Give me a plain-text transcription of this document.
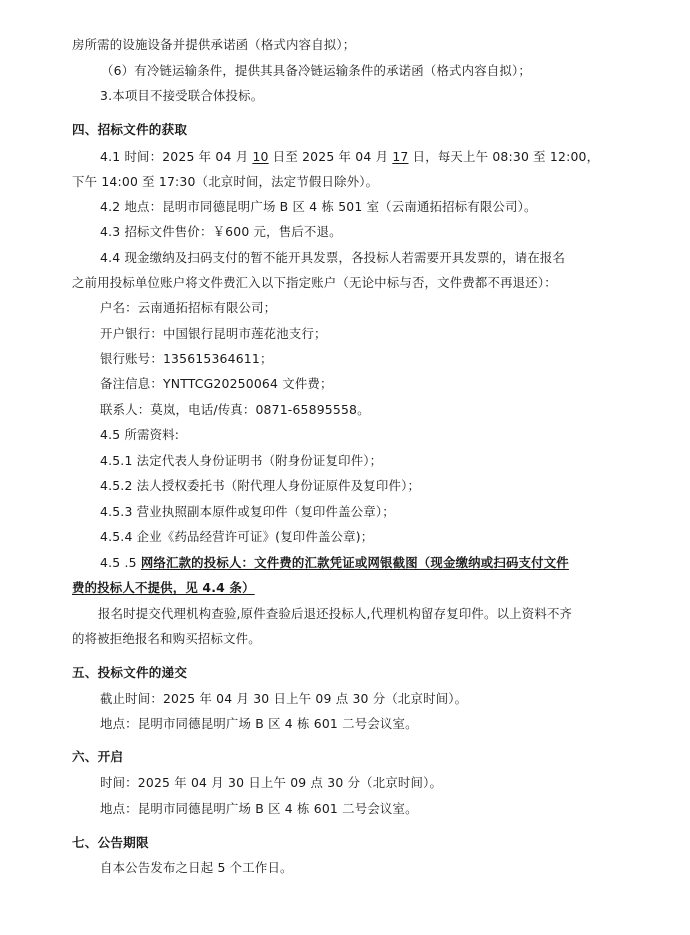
房所需的设施设备并提供承诺函（格式内容自拟）；
（6）有冷链运输条件，提供其具备冷链运输条件的承诺函（格式内容自拟）；
3.本项目不接受联合体投标。
四、招标文件的获取
4.1 时间：2025 年 04 月 10 日至 2025 年 04 月 17 日，每天上午 08:30 至 12:00，
下午 14:00 至 17:30（北京时间，法定节假日除外）。
4.2 地点：昆明市同德昆明广场 B 区 4 栋 501 室（云南通拓招标有限公司）。
4.3 招标文件售价：￥600 元，售后不退。
4.4 现金缴纳及扫码支付的暂不能开具发票，各投标人若需要开具发票的，请在报名
之前用投标单位账户将文件费汇入以下指定账户（无论中标与否，文件费都不再退还）：
户名：云南通拓招标有限公司；
开户银行：中国银行昆明市莲花池支行；
银行账号：135615364611；
备注信息：YNTTCG20250064 文件费；
联系人：莫岚，电话/传真：0871-65895558。
4.5 所需资料:
4.5.1 法定代表人身份证明书（附身份证复印件）；
4.5.2 法人授权委托书（附代理人身份证原件及复印件）；
4.5.3 营业执照副本原件或复印件（复印件盖公章）；
4.5.4 企业《药品经营许可证》(复印件盖公章)；
4.5 .5 网络汇款的投标人：文件费的汇款凭证或网银截图（现金缴纳或扫码支付文件
费的投标人不提供，见 4.4 条）
报名时提交代理机构查验,原件查验后退还投标人,代理机构留存复印件。以上资料不齐
的将被拒绝报名和购买招标文件。
五、投标文件的递交
截止时间：2025 年 04 月 30 日上午 09 点 30 分（北京时间）。
地点：昆明市同德昆明广场 B 区 4 栋 601 二号会议室。
六、开启
时间：2025 年 04 月 30 日上午 09 点 30 分（北京时间）。
地点：昆明市同德昆明广场 B 区 4 栋 601 二号会议室。
七、公告期限
自本公告发布之日起 5 个工作日。
